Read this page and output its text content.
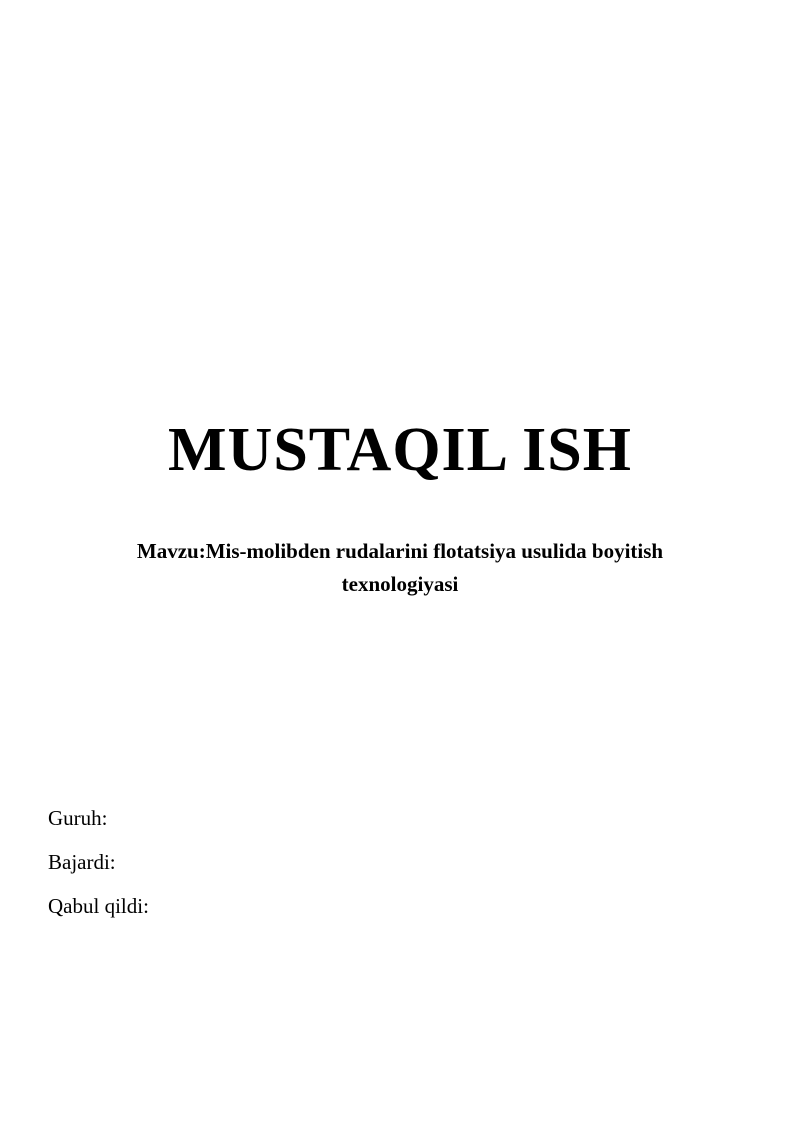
MUSTAQIL ISH

Mavzu:Mis-molibden rudalarini flotatsiya usulida boyitish texnologiyasi

Guruh:
Bajardi:
Qabul qildi:
